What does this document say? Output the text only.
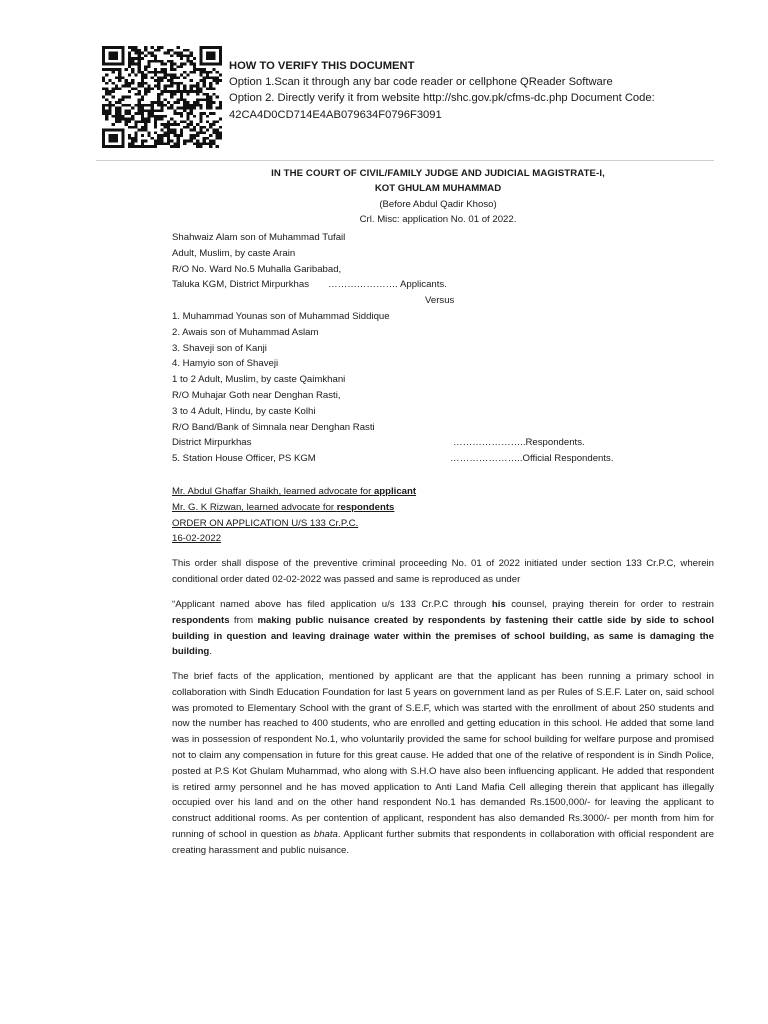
HOW TO VERIFY THIS DOCUMENT
Option 1.Scan it through any bar code reader or cellphone QReader Software
Option 2. Directly verify it from website http://shc.gov.pk/cfms-dc.php Document Code:
42CA4D0CD714E4AB079634F0796F3091
IN THE COURT OF CIVIL/FAMILY JUDGE AND JUDICIAL MAGISTRATE-I,
KOT GHULAM MUHAMMAD
(Before Abdul Qadir Khoso)
Crl. Misc: application No. 01 of 2022.
Shahwaiz Alam son of Muhammad Tufail
Adult, Muslim, by caste Arain
R/O No. Ward No.5 Muhalla Garibabad,
Taluka KGM, District Mirpurkhas …………………. Applicants.
Versus
1. Muhammad Younas son of Muhammad Siddique
2. Awais son of Muhammad Aslam
3. Shaveji son of Kanji
4. Hamyio son of Shaveji
1 to 2 Adult, Muslim, by caste Qaimkhani
R/O Muhajar Goth near Denghan Rasti,
3 to 4 Adult, Hindu, by caste Kolhi
R/O Band/Bank of Simnala near Denghan Rasti
District Mirpurkhas	…………………..Respondents.
5. Station House Officer, PS KGM	…………………..Official Respondents.
Mr. Abdul Ghaffar Shaikh, learned advocate for applicant
Mr. G. K Rizwan, learned advocate for respondents
ORDER ON APPLICATION U/S 133 Cr.P.C.
16-02-2022
This order shall dispose of the preventive criminal proceeding No. 01 of 2022 initiated under section 133 Cr.P.C, wherein conditional order dated 02-02-2022 was passed and same is reproduced as under
“Applicant named above has filed application u/s 133 Cr.P.C through his counsel, praying therein for order to restrain respondents from making public nuisance created by respondents by fastening their cattle side by side to school building in question and leaving drainage water within the premises of school building, as same is damaging the building.
The brief facts of the application, mentioned by applicant are that the applicant has been running a primary school in collaboration with Sindh Education Foundation for last 5 years on government land as per Rules of S.E.F. Later on, said school was promoted to Elementary School with the grant of S.E.F, which was started with the enrollment of about 250 students and now the number has reached to 400 students, who are enrolled and getting education in this school. He added that some land was in possession of respondent No.1, who voluntarily provided the same for school building for welfare purpose and promised not to claim any compensation in future for this great cause. He added that one of the relative of respondent is in Sindh Police, posted at P.S Kot Ghulam Muhammad, who along with S.H.O have also been influencing applicant. He added that respondent is retired army personnel and he has moved application to Anti Land Mafia Cell alleging therein that applicant has illegally occupied over his land and on the other hand respondent No.1 has demanded Rs.1500,000/- for leaving the applicant to construct additional rooms. As per contention of applicant, respondent has also demanded Rs.3000/- per month from him for running of school in question as bhata. Applicant further submits that respondents in collaboration with official respondent are creating harassment and public nuisance.
